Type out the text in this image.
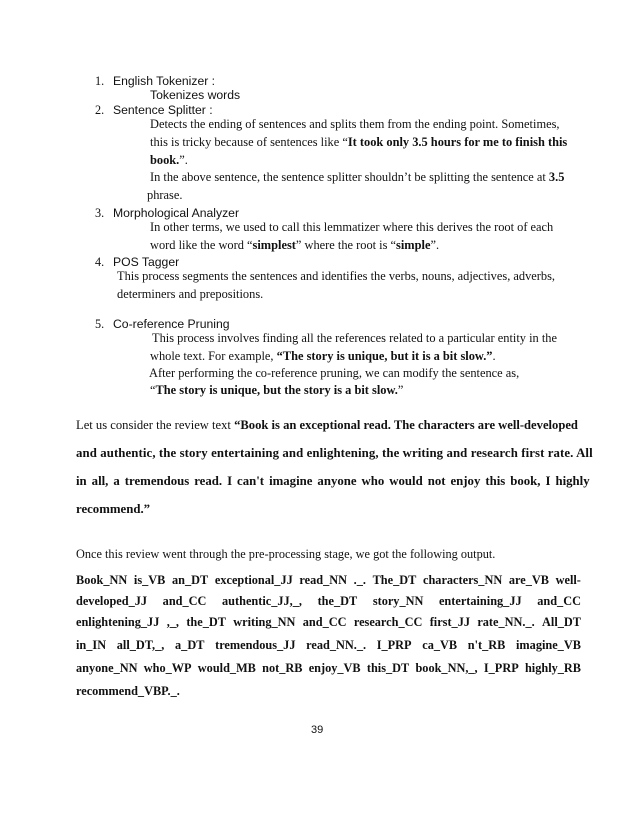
1. English Tokenizer :
Tokenizes words
2. Sentence Splitter :
Detects the ending of sentences and splits them from the ending point. Sometimes,
this is tricky because of sentences like “It took only 3.5 hours for me to finish this
book.”.
In the above sentence, the sentence splitter shouldn’t be splitting the sentence at 3.5
phrase.
3. Morphological Analyzer
In other terms, we used to call this lemmatizer where this derives the root of each
word like the word “simplest” where the root is “simple”.
4. POS Tagger
This process segments the sentences and identifies the verbs, nouns, adjectives, adverbs,
determiners and prepositions.
5. Co-reference Pruning
This process involves finding all the references related to a particular entity in the
whole text. For example, “The story is unique, but it is a bit slow.”.
After performing the co-reference pruning, we can modify the sentence as,
“The story is unique, but the story is a bit slow.”
Let us consider the review text “Book is an exceptional read. The characters are well-developed
and authentic, the story entertaining and enlightening, the writing and research first rate. All
in all, a tremendous read. I can't imagine anyone who would not enjoy this book, I highly
recommend.”
Once this review went through the pre-processing stage, we got the following output.
Book_NN is_VB an_DT exceptional_JJ read_NN ._. The_DT characters_NN are_VB well-
developed_JJ and_CC authentic_JJ,_, the_DT story_NN entertaining_JJ and_CC
enlightening_JJ ,_, the_DT writing_NN and_CC research_CC first_JJ rate_NN._. All_DT
in_IN all_DT,_, a_DT tremendous_JJ read_NN._. I_PRP ca_VB n't_RB imagine_VB
anyone_NN who_WP would_MB not_RB enjoy_VB this_DT book_NN,_, I_PRP highly_RB
recommend_VBP._.
39
